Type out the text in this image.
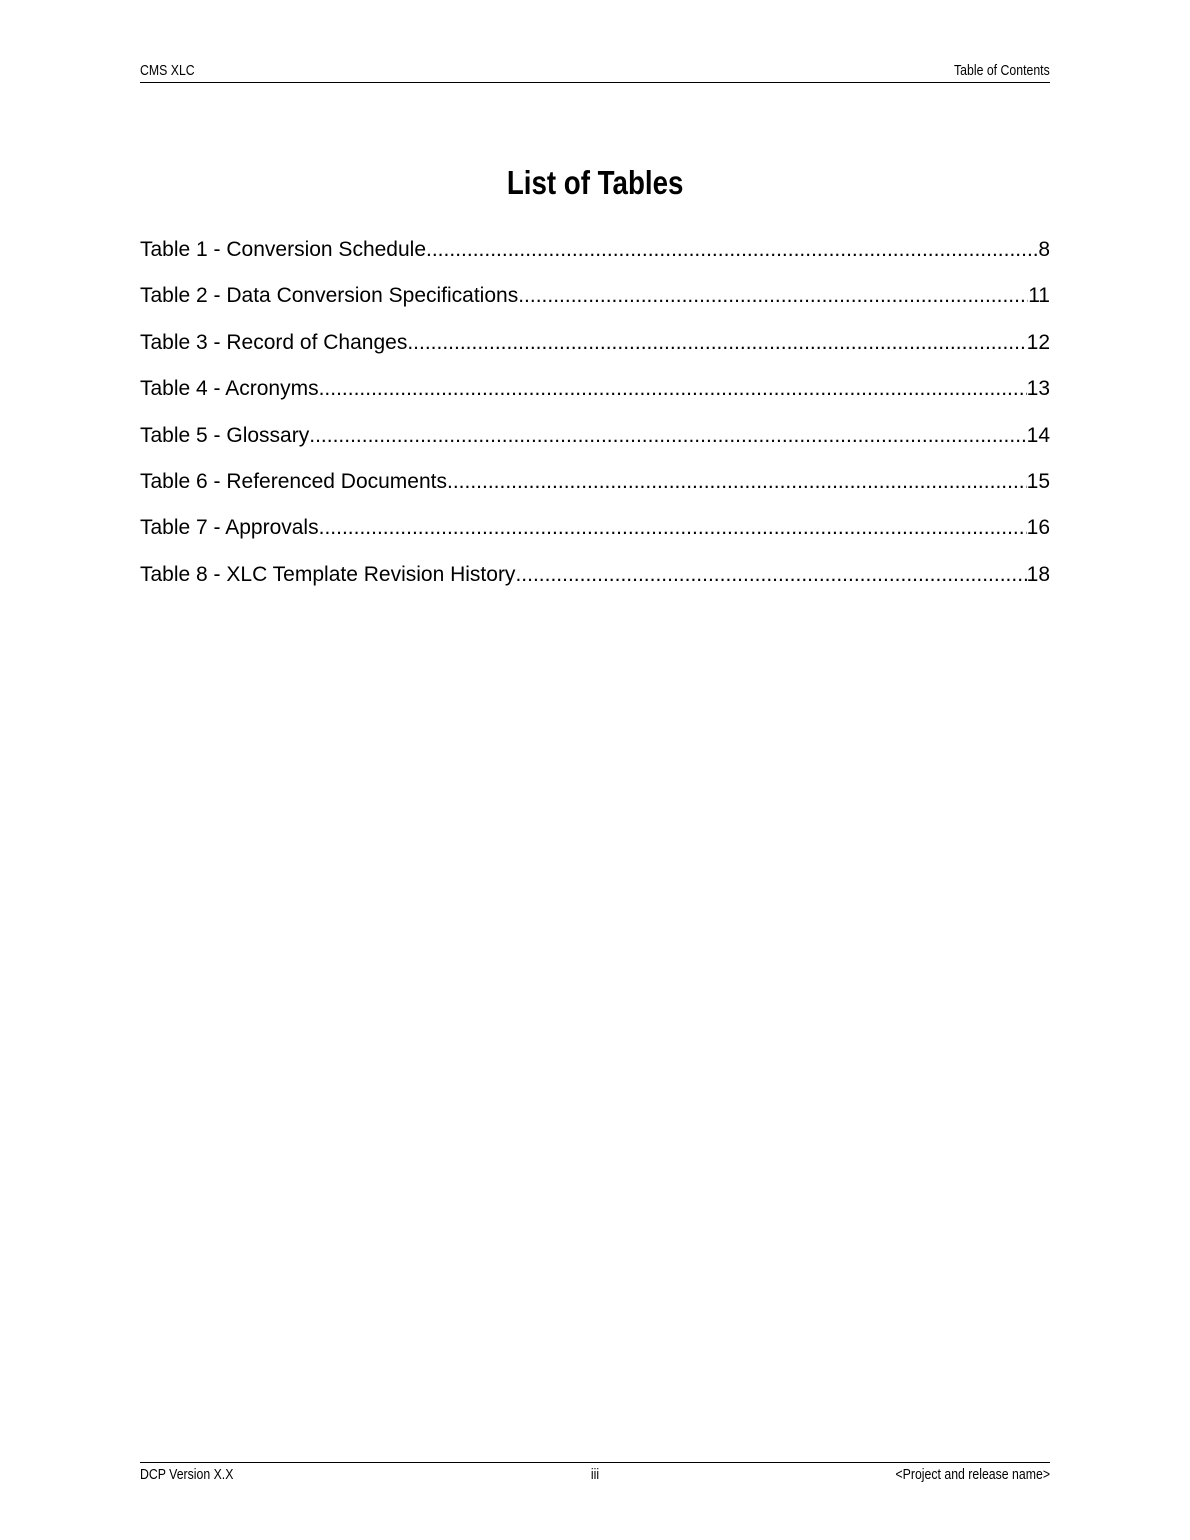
CMS XLC	Table of Contents
List of Tables
Table 1 - Conversion Schedule .....	8
Table 2 - Data Conversion Specifications .....	11
Table 3 - Record of Changes .....	12
Table 4 - Acronyms .....	13
Table 5 - Glossary .....	14
Table 6 - Referenced Documents .....	15
Table 7 - Approvals .....	16
Table 8 - XLC Template Revision History .....	18
DCP Version X.X	iii	<Project and release name>
